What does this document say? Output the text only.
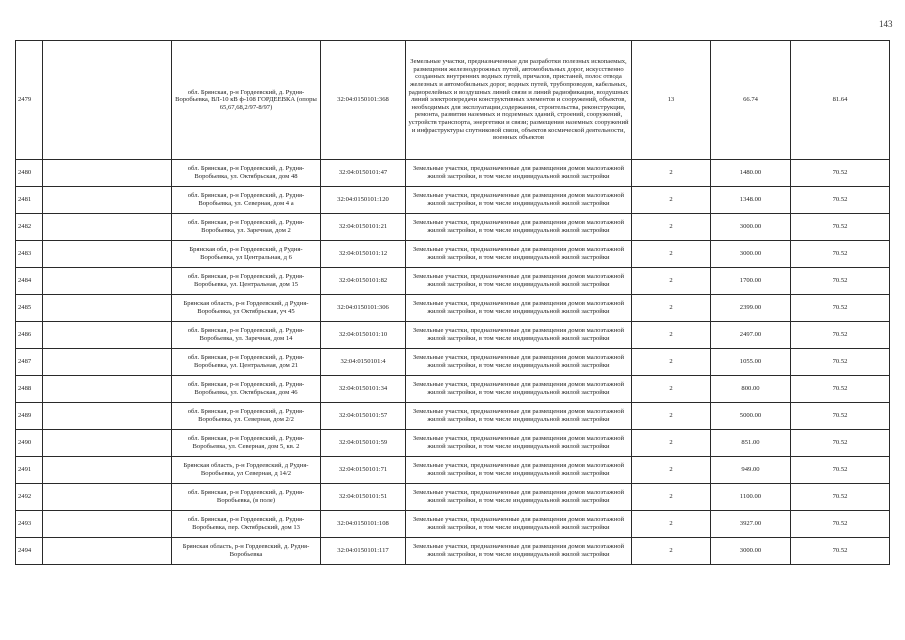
143
2479		обл. Брянская, р-н Гордеевский, д. Рудня-Воробьевка, ВЛ-10 кВ ф-108 ГОРДЕЕВКА (опоры 65,67,68,2/97-8/97)	32:04:0150101:368	Земельные участки, предназначенные для разработки полезных ископаемых, размещения железнодорожных путей, автомобильных дорог, искусственно созданных внутренних водных путей, причалов, пристаней, полос отвода железных и автомобильных дорог, водных путей, трубопроводов, кабельных, радиорелейных и воздушных линий связи и линий радиофикации, воздушных линий электропередачи конструктивных элементов и сооружений, объектов, необходимых для эксплуатации,содержания, строительства, реконструкции, ремонта, развития наземных и подземных зданий, строений, сооружений, устройств транспорта, энергетики и связи; размещения наземных сооружений и инфраструктуры спутниковой связи, объектов космической деятельности, военных объектов	13	66.74	81.64	
2480		обл. Брянская, р-н Гордеевский, д. Рудня-Воробьевка, ул. Октябрьская, дом 48	32:04:0150101:47	Земельные участки, предназначенные для размещения домов малоэтажной жилой застройки, в том числе индивидуальной жилой застройки	2	1480.00	70.52	
2481		обл. Брянская, р-н Гордеевский, д. Рудня-Воробьевка, ул. Северная, дом 4 а	32:04:0150101:120	Земельные участки, предназначенные для размещения домов малоэтажной жилой застройки, в том числе индивидуальной жилой застройки	2	1348.00	70.52	
2482		обл. Брянская, р-н Гордеевский, д. Рудня-Воробьевка, ул. Заречная, дом 2	32:04:0150101:21	Земельные участки, предназначенные для размещения домов малоэтажной жилой застройки, в том числе индивидуальной жилой застройки	2	3000.00	70.52	
2483		Брянская обл, р-н Гордеевский, д Рудня-Воробьевка, ул Центральная, д 6	32:04:0150101:12	Земельные участки, предназначенные для размещения домов малоэтажной жилой застройки, в том числе индивидуальной жилой застройки	2	3000.00	70.52	
2484		обл. Брянская, р-н Гордеевский, д. Рудня-Воробьевка, ул. Центральная, дом 15	32:04:0150101:82	Земельные участки, предназначенные для размещения домов малоэтажной жилой застройки, в том числе индивидуальной жилой застройки	2	1700.00	70.52	
2485		Брянская область, р-н Гордеевский, д Рудня-Воробьевка, ул Октябрьская, уч 45	32:04:0150101:306	Земельные участки, предназначенные для размещения домов малоэтажной жилой застройки, в том числе индивидуальной жилой застройки	2	2399.00	70.52	
2486		обл. Брянская, р-н Гордеевский, д. Рудня-Воробьевка, ул. Заречная, дом 14	32:04:0150101:10	Земельные участки, предназначенные для размещения домов малоэтажной жилой застройки, в том числе индивидуальной жилой застройки	2	2497.00	70.52	
2487		обл. Брянская, р-н Гордеевский, д. Рудня-Воробьевка, ул. Центральная, дом 21	32:04:0150101:4	Земельные участки, предназначенные для размещения домов малоэтажной жилой застройки, в том числе индивидуальной жилой застройки	2	1055.00	70.52	
2488		обл. Брянская, р-н Гордеевский, д. Рудня-Воробьевка, ул. Октябрьская, дом 46	32:04:0150101:34	Земельные участки, предназначенные для размещения домов малоэтажной жилой застройки, в том числе индивидуальной жилой застройки	2	800.00	70.52	
2489		обл. Брянская, р-н Гордеевский, д. Рудня-Воробьевка, ул. Северная, дом 2/2	32:04:0150101:57	Земельные участки, предназначенные для размещения домов малоэтажной жилой застройки, в том числе индивидуальной жилой застройки	2	5000.00	70.52	
2490		обл. Брянская, р-н Гордеевский, д. Рудня-Воробьевка, ул. Северная, дом 5, кв. 2	32:04:0150101:59	Земельные участки, предназначенные для размещения домов малоэтажной жилой застройки, в том числе индивидуальной жилой застройки	2	851.00	70.52	
2491		Брянская область, р-н Гордеевский, д Рудня-Воробьевка, ул Северная, д 14/2	32:04:0150101:71	Земельные участки, предназначенные для размещения домов малоэтажной жилой застройки, в том числе индивидуальной жилой застройки	2	949.00	70.52	
2492		обл. Брянская, р-н Гордеевский, д. Рудня-Воробьевка, (в поле)	32:04:0150101:51	Земельные участки, предназначенные для размещения домов малоэтажной жилой застройки, в том числе индивидуальной жилой застройки	2	1100.00	70.52	
2493		обл. Брянская, р-н Гордеевский, д. Рудня-Воробьевка, пер. Октябрьский, дом 13	32:04:0150101:108	Земельные участки, предназначенные для размещения домов малоэтажной жилой застройки, в том числе индивидуальной жилой застройки	2	3927.00	70.52	
2494		Брянская область, р-н Гордеевский, д. Рудня-Воробьевка	32:04:0150101:117	Земельные участки, предназначенные для размещения домов малоэтажной жилой застройки, в том числе индивидуальной жилой застройки	2	3000.00	70.52	
